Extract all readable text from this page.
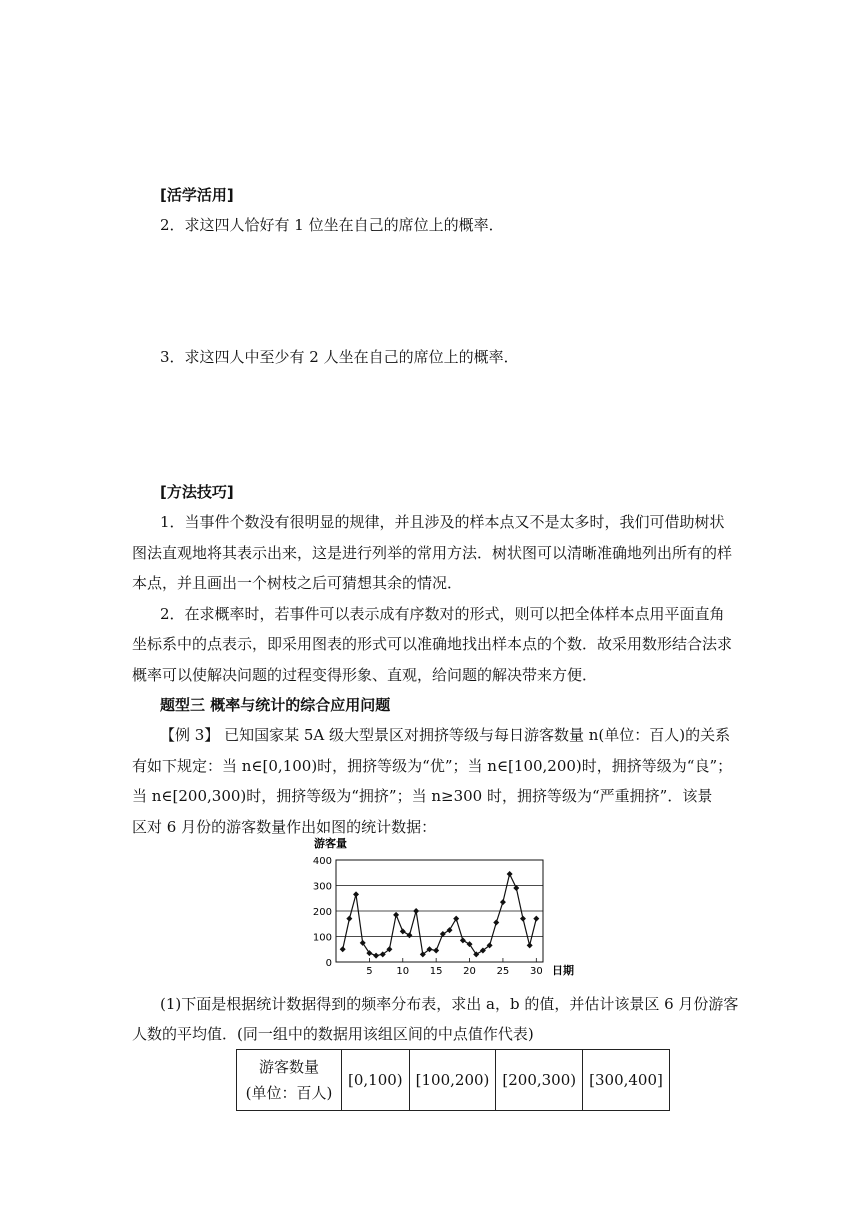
[活学活用]
2．求这四人恰好有 1 位坐在自己的席位上的概率．
3．求这四人中至少有 2 人坐在自己的席位上的概率．
[方法技巧]
1．当事件个数没有很明显的规律，并且涉及的样本点又不是太多时，我们可借助树状
图法直观地将其表示出来，这是进行列举的常用方法．树状图可以清晰准确地列出所有的样
本点，并且画出一个树枝之后可猜想其余的情况．
2．在求概率时，若事件可以表示成有序数对的形式，则可以把全体样本点用平面直角
坐标系中的点表示，即采用图表的形式可以准确地找出样本点的个数．故采用数形结合法求
概率可以使解决问题的过程变得形象、直观，给问题的解决带来方便．
题型三 概率与统计的综合应用问题
【例 3】 已知国家某 5A 级大型景区对拥挤等级与每日游客数量 n(单位：百人)的关系
有如下规定：当 n∈[0,100)时，拥挤等级为“优”；当 n∈[100,200)时，拥挤等级为“良”；
当 n∈[200,300)时，拥挤等级为“拥挤”；当 n≥300 时，拥挤等级为“严重拥挤”．该景
区对 6 月份的游客数量作出如图的统计数据：
0
100
200
300
400
5 10 15 20 25 30
游客量
日期
(1)下面是根据统计数据得到的频率分布表，求出 a，b 的值，并估计该景区 6 月份游客
人数的平均值．(同一组中的数据用该组区间的中点值作代表)
游客数量
(单位：百人)
	[0,100)	[100,200)	[200,300)	[300,400]
